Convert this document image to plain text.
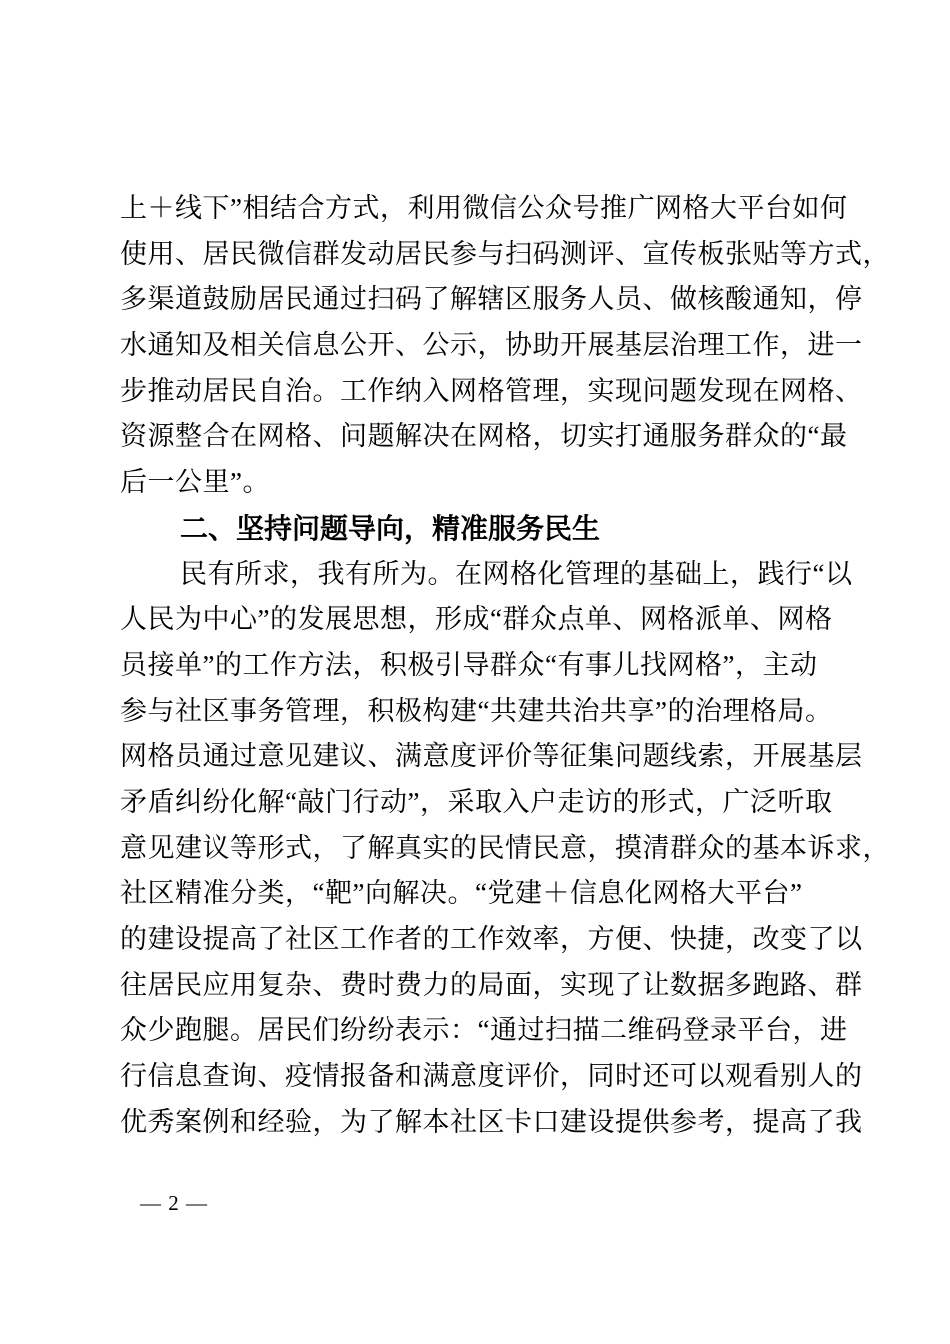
上＋线下”相结合方式，利用微信公众号推广网格大平台如何
使用、居民微信群发动居民参与扫码测评、宣传板张贴等方式，
多渠道鼓励居民通过扫码了解辖区服务人员、做核酸通知，停
水通知及相关信息公开、公示，协助开展基层治理工作，进一
步推动居民自治。工作纳入网格管理，实现问题发现在网格、
资源整合在网格、问题解决在网格，切实打通服务群众的“最
后一公里”。
二、坚持问题导向，精准服务民生
民有所求，我有所为。在网格化管理的基础上，践行“以
人民为中心”的发展思想，形成“群众点单、网格派单、网格
员接单”的工作方法，积极引导群众“有事儿找网格”，主动
参与社区事务管理，积极构建“共建共治共享”的治理格局。
网格员通过意见建议、满意度评价等征集问题线索，开展基层
矛盾纠纷化解“敲门行动”，采取入户走访的形式，广泛听取
意见建议等形式，了解真实的民情民意，摸清群众的基本诉求，
社区精准分类，“靶”向解决。“党建＋信息化网格大平台”
的建设提高了社区工作者的工作效率，方便、快捷，改变了以
往居民应用复杂、费时费力的局面，实现了让数据多跑路、群
众少跑腿。居民们纷纷表示：“通过扫描二维码登录平台，进
行信息查询、疫情报备和满意度评价，同时还可以观看别人的
优秀案例和经验，为了解本社区卡口建设提供参考，提高了我
— 2 —
